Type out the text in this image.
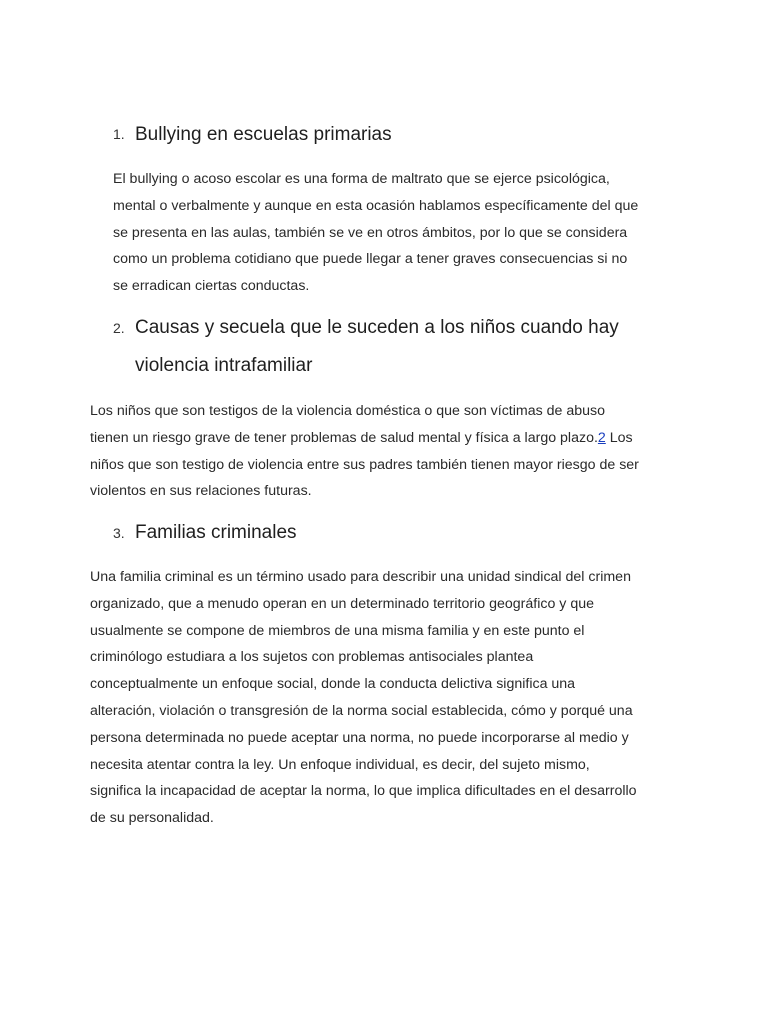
1. Bullying en escuelas primarias
El bullying o acoso escolar es una forma de maltrato que se ejerce psicológica,
mental o verbalmente y aunque en esta ocasión hablamos específicamente del que
se presenta en las aulas, también se ve en otros ámbitos, por lo que se considera
como un problema cotidiano que puede llegar a tener graves consecuencias si no
se erradican ciertas conductas.
2. Causas y secuela que le suceden a los niños cuando hay
violencia intrafamiliar
Los niños que son testigos de la violencia doméstica o que son víctimas de abuso
tienen un riesgo grave de tener problemas de salud mental y física a largo plazo.2 Los
niños que son testigo de violencia entre sus padres también tienen mayor riesgo de ser
violentos en sus relaciones futuras.
3. Familias criminales
Una familia criminal es un término usado para describir una unidad sindical del crimen
organizado, que a menudo operan en un determinado territorio geográfico y que
usualmente se compone de miembros de una misma familia y en este punto el
criminólogo estudiara a los sujetos con problemas antisociales plantea
conceptualmente un enfoque social, donde la conducta delictiva significa una
alteración, violación o transgresión de la norma social establecida, cómo y porqué una
persona determinada no puede aceptar una norma, no puede incorporarse al medio y
necesita atentar contra la ley. Un enfoque individual, es decir, del sujeto mismo,
significa la incapacidad de aceptar la norma, lo que implica dificultades en el desarrollo
de su personalidad.
